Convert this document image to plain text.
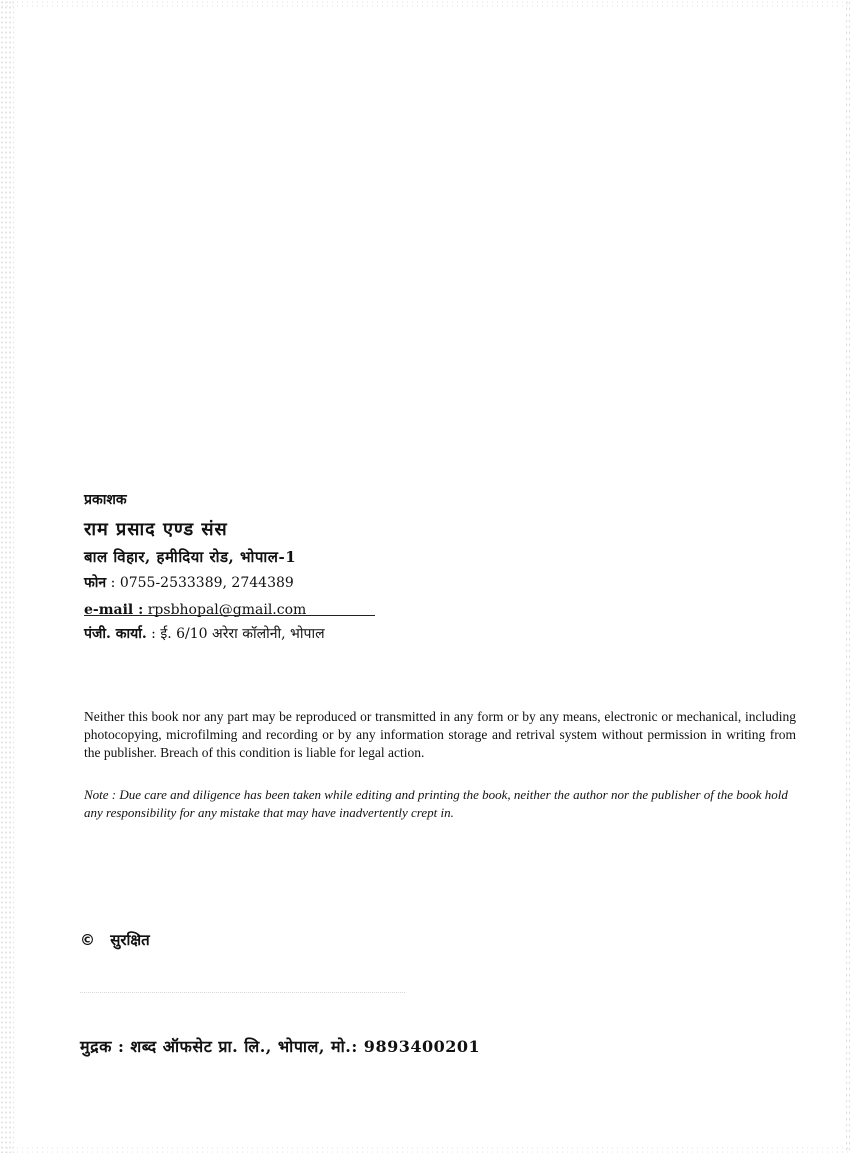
प्रकाशक
राम प्रसाद एण्ड संस
बाल विहार, हमीदिया रोड, भोपाल-1
फोन : 0755-2533389, 2744389
e-mail : rpsbhopal@gmail.com
पंजी. कार्या. : ई. 6/10 अरेरा कॉलोनी, भोपाल

Neither this book nor any part may be reproduced or transmitted in any form or by any means, electronic or mechanical, including photocopying, microfilming and recording or by any information storage and retrival system without permission in writing from the publisher. Breach of this condition is liable for legal action.

Note : Due care and diligence has been taken while editing and printing the book, neither the author nor the publisher of the book hold any responsibility for any mistake that may have inadvertently crept in.

© सुरक्षित
मुद्रक : शब्द ऑफसेट प्रा. लि., भोपाल, मो.: 9893400201
